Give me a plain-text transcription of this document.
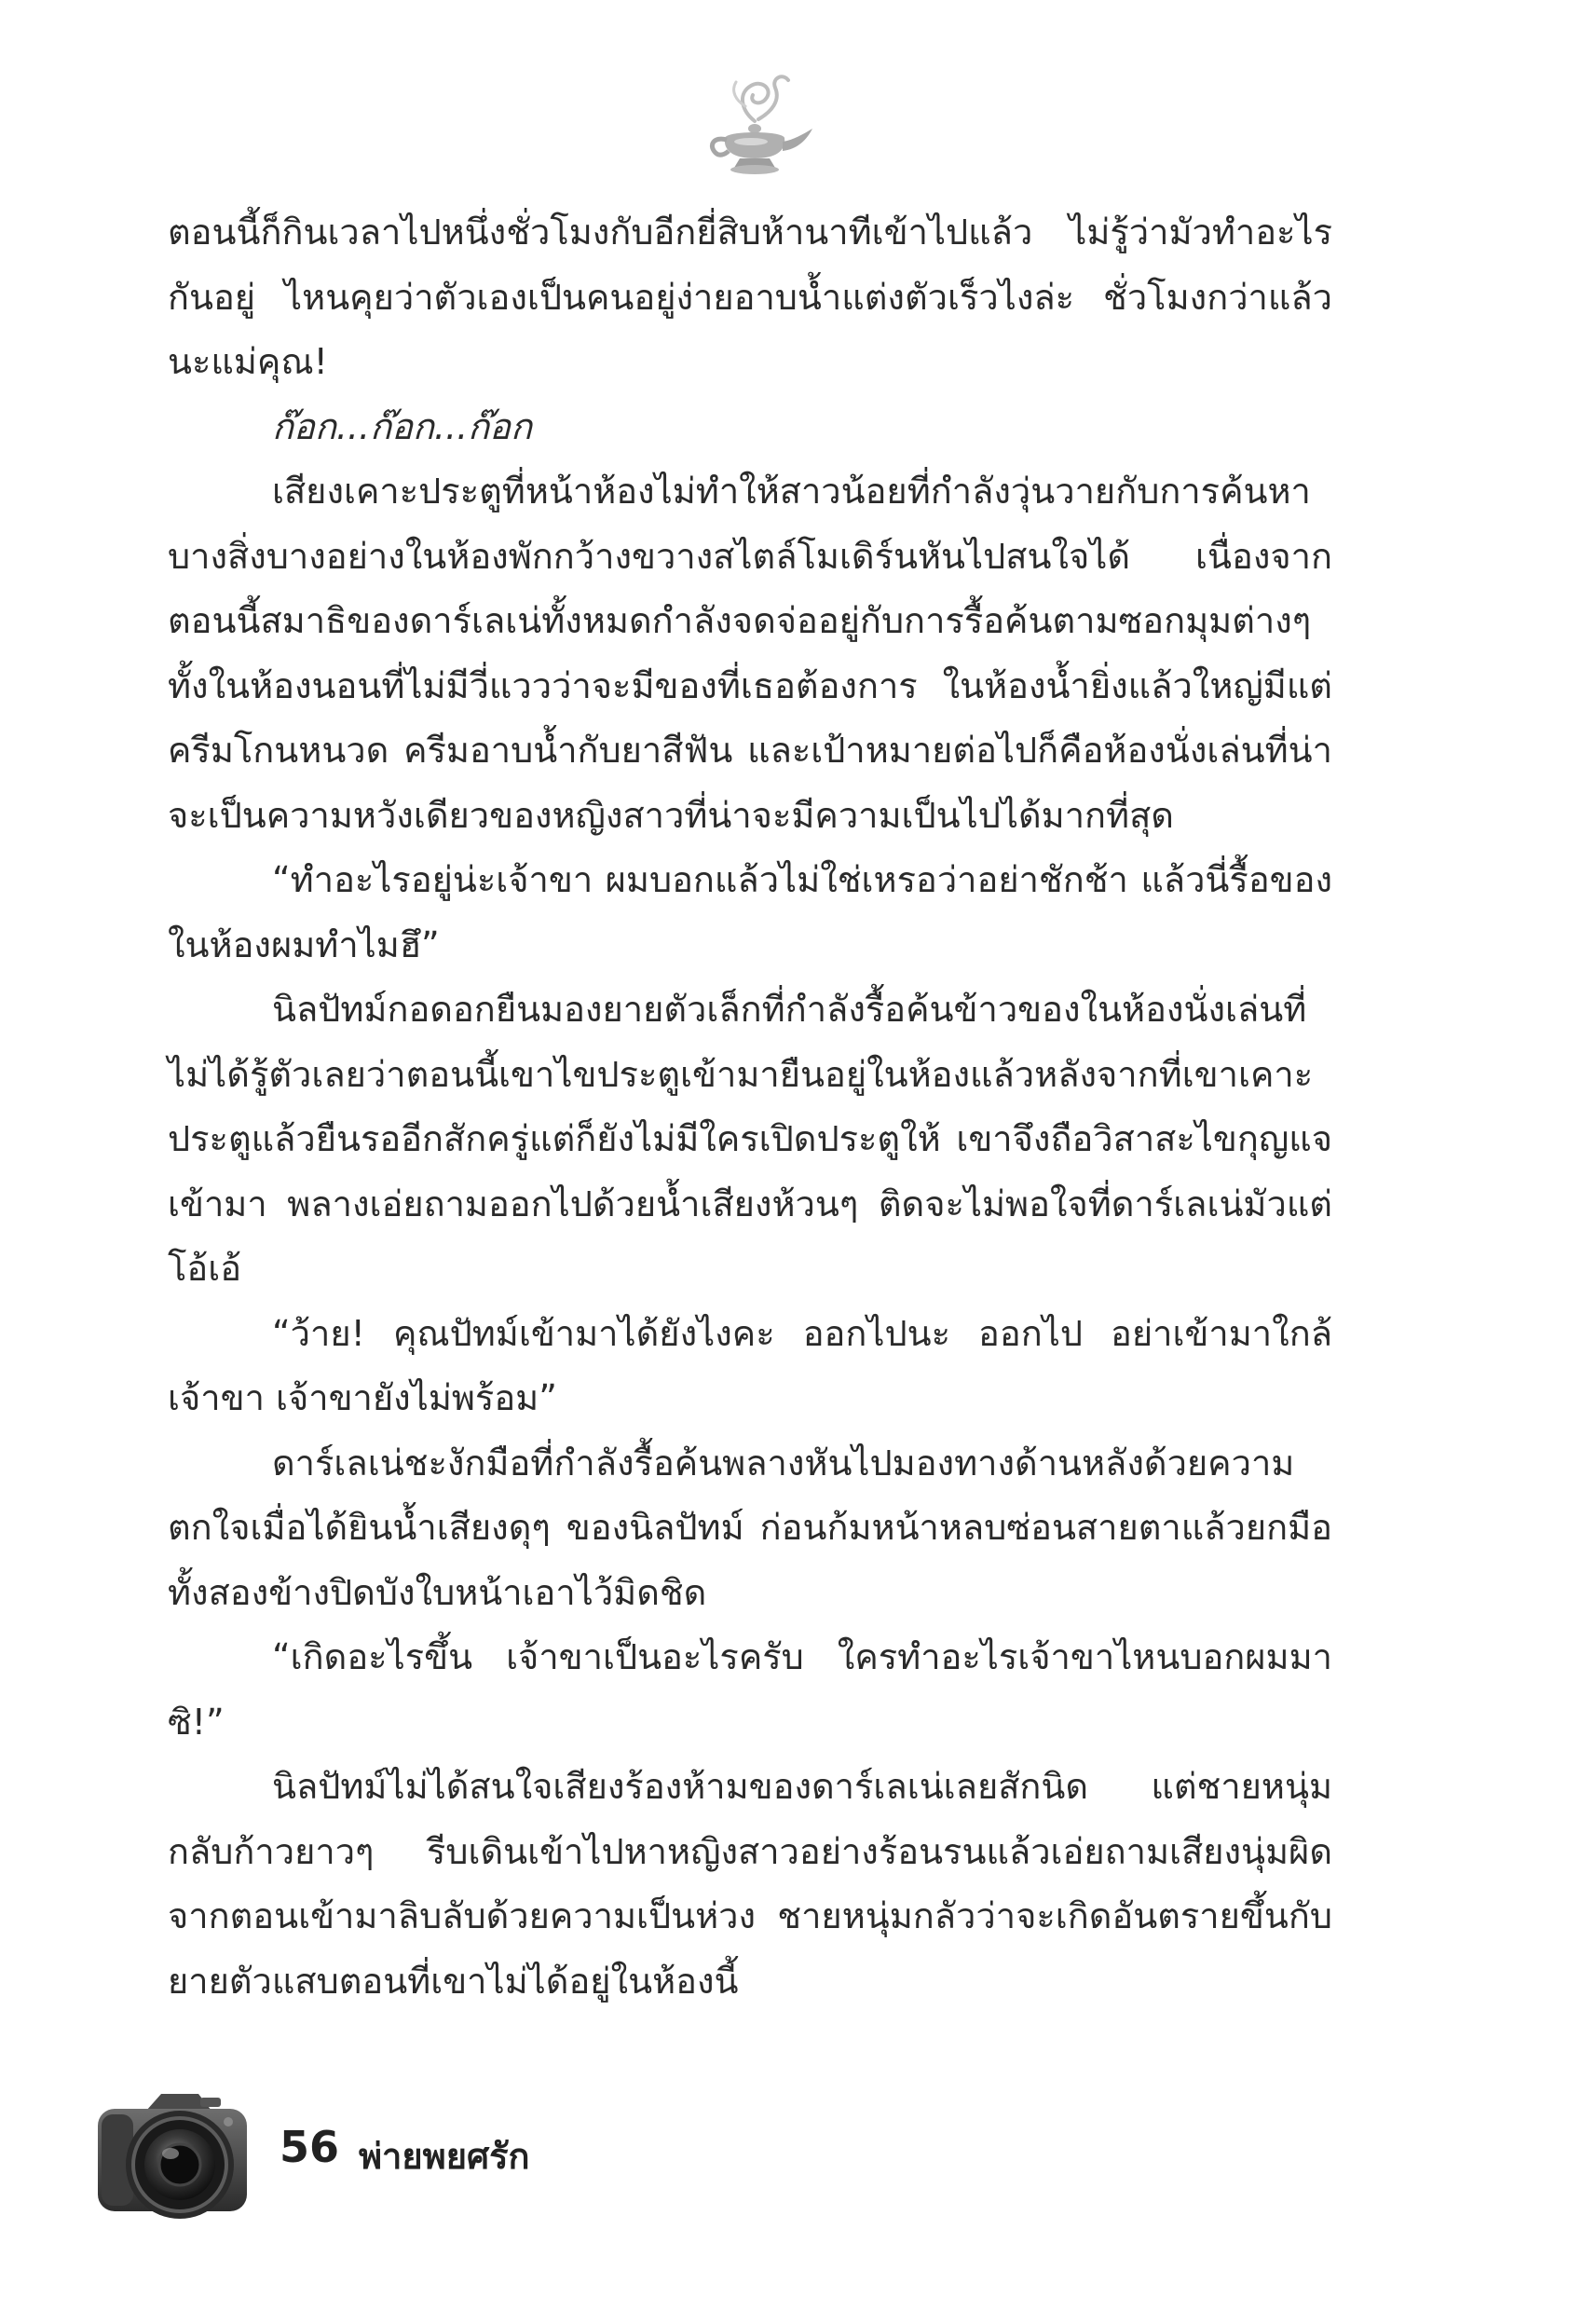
ตอนนี้ก็กินเวลาไปหนึ่งชั่วโมงกับอีกยี่สิบห้านาทีเข้าไปแล้ว ไม่รู้ว่ามัวทำอะไรกันอยู่ ไหนคุยว่าตัวเองเป็นคนอยู่ง่ายอาบน้ำแต่งตัวเร็วไงล่ะ ชั่วโมงกว่าแล้วนะแม่คุณ!

ก๊อก...ก๊อก...ก๊อก

เสียงเคาะประตูที่หน้าห้องไม่ทำให้สาวน้อยที่กำลังวุ่นวายกับการค้นหาบางสิ่งบางอย่างในห้องพักกว้างขวางสไตล์โมเดิร์นหันไปสนใจได้ เนื่องจากตอนนี้สมาธิของดาร์เลเน่ทั้งหมดกำลังจดจ่ออยู่กับการรื้อค้นตามซอกมุมต่างๆ ทั้งในห้องนอนที่ไม่มีวี่แววว่าจะมีของที่เธอต้องการ ในห้องน้ำยิ่งแล้วใหญ่มีแต่ครีมโกนหนวด ครีมอาบน้ำกับยาสีฟัน และเป้าหมายต่อไปก็คือห้องนั่งเล่นที่น่าจะเป็นความหวังเดียวของหญิงสาวที่น่าจะมีความเป็นไปได้มากที่สุด

“ทำอะไรอยู่น่ะเจ้าขา ผมบอกแล้วไม่ใช่เหรอว่าอย่าชักช้า แล้วนี่รื้อของในห้องผมทำไมฮึ”

นิลปัทม์กอดอกยืนมองยายตัวเล็กที่กำลังรื้อค้นข้าวของในห้องนั่งเล่นที่ไม่ได้รู้ตัวเลยว่าตอนนี้เขาไขประตูเข้ามายืนอยู่ในห้องแล้วหลังจากที่เขาเคาะประตูแล้วยืนรออีกสักครู่แต่ก็ยังไม่มีใครเปิดประตูให้ เขาจึงถือวิสาสะไขกุญแจเข้ามา พลางเอ่ยถามออกไปด้วยน้ำเสียงห้วนๆ ติดจะไม่พอใจที่ดาร์เลเน่มัวแต่โอ้เอ้

“ว้าย! คุณปัทม์เข้ามาได้ยังไงคะ ออกไปนะ ออกไป อย่าเข้ามาใกล้เจ้าขา เจ้าขายังไม่พร้อม”

ดาร์เลเน่ชะงักมือที่กำลังรื้อค้นพลางหันไปมองทางด้านหลังด้วยความตกใจเมื่อได้ยินน้ำเสียงดุๆ ของนิลปัทม์ ก่อนก้มหน้าหลบซ่อนสายตาแล้วยกมือทั้งสองข้างปิดบังใบหน้าเอาไว้มิดชิด

“เกิดอะไรขึ้น เจ้าขาเป็นอะไรครับ ใครทำอะไรเจ้าขาไหนบอกผมมาซิ!”

นิลปัทม์ไม่ได้สนใจเสียงร้องห้ามของดาร์เลเน่เลยสักนิด แต่ชายหนุ่มกลับก้าวยาวๆ รีบเดินเข้าไปหาหญิงสาวอย่างร้อนรนแล้วเอ่ยถามเสียงนุ่มผิดจากตอนเข้ามาลิบลับด้วยความเป็นห่วง ชายหนุ่มกลัวว่าจะเกิดอันตรายขึ้นกับยายตัวแสบตอนที่เขาไม่ได้อยู่ในห้องนี้

56 พ่ายพยศรัก
